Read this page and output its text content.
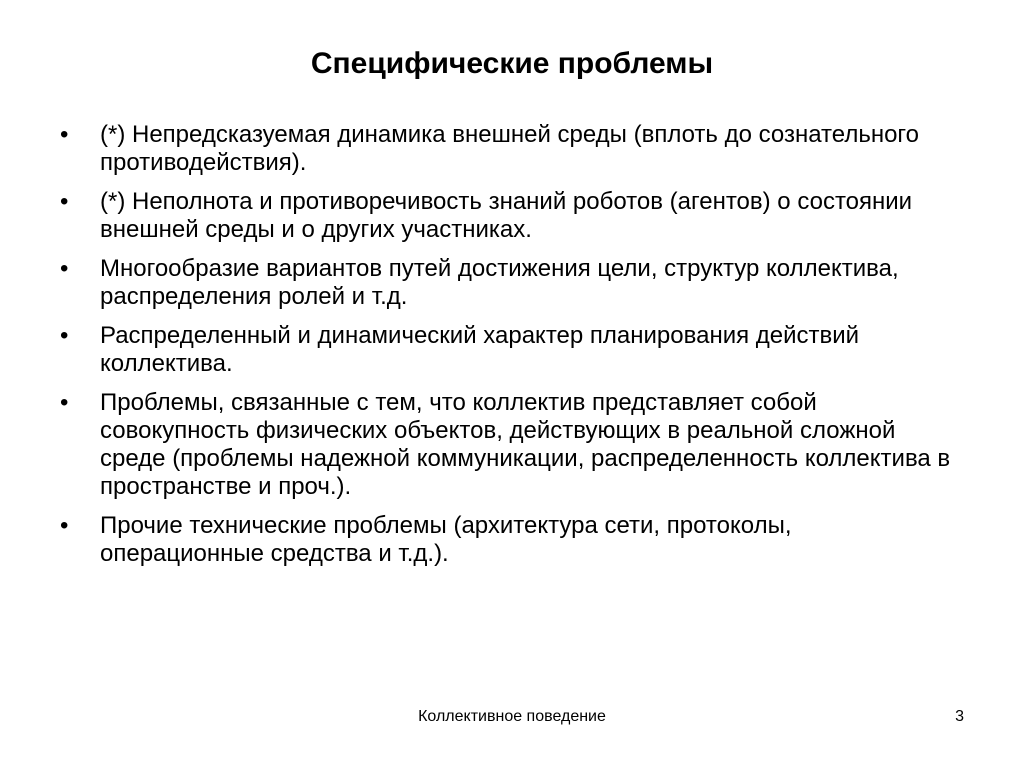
Специфические проблемы
•	(*) Непредсказуемая динамика внешней среды (вплоть до сознательного противодействия).
•	(*) Неполнота и противоречивость знаний роботов (агентов) о состоянии внешней среды и о других участниках.
•	Многообразие вариантов путей достижения цели, структур коллектива, распределения ролей и т.д.
•	Распределенный и динамический характер планирования действий коллектива.
•	Проблемы, связанные с тем, что коллектив представляет собой совокупность физических объектов, действующих в реальной сложной среде (проблемы надежной коммуникации, распределенность коллектива в пространстве и проч.).
•	Прочие технические проблемы (архитектура сети, протоколы, операционные средства и т.д.).
Коллективное поведение	3
